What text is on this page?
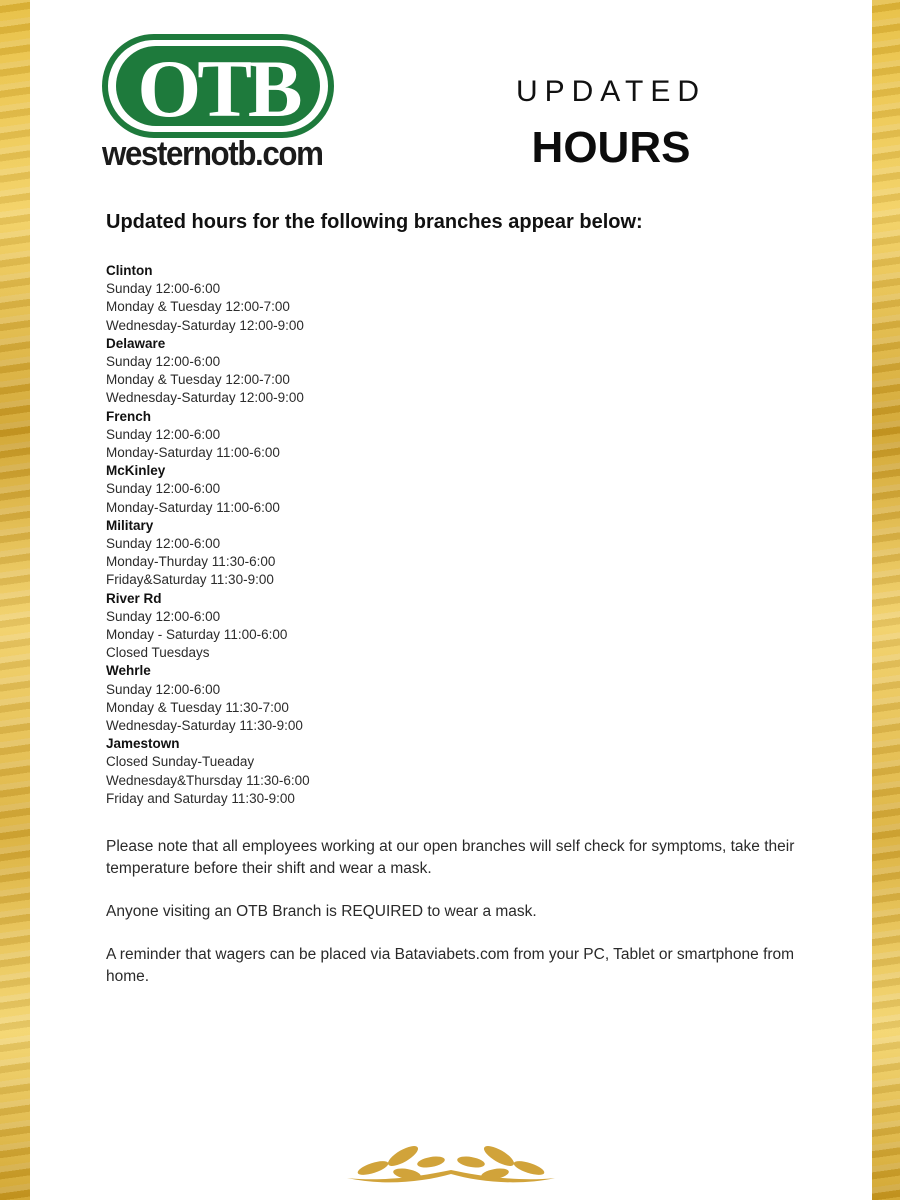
OTB
westernotb.com
UPDATED
HOURS
Updated hours for the following branches appear below:
Clinton
Sunday 12:00-6:00
Monday & Tuesday 12:00-7:00
Wednesday-Saturday 12:00-9:00
Delaware
Sunday 12:00-6:00
Monday & Tuesday 12:00-7:00
Wednesday-Saturday 12:00-9:00
French
Sunday 12:00-6:00
Monday-Saturday 11:00-6:00
McKinley
Sunday 12:00-6:00
Monday-Saturday 11:00-6:00
Military
Sunday 12:00-6:00
Monday-Thurday 11:30-6:00
Friday&Saturday 11:30-9:00
River Rd
Sunday 12:00-6:00
Monday - Saturday 11:00-6:00
Closed Tuesdays
Wehrle
Sunday 12:00-6:00
Monday & Tuesday 11:30-7:00
Wednesday-Saturday 11:30-9:00
Jamestown
Closed Sunday-Tueaday
Wednesday&Thursday 11:30-6:00
Friday and Saturday 11:30-9:00

Please note that all employees working at our open branches will self check for symptoms, take their temperature before their shift and wear a mask.

Anyone visiting an OTB Branch is REQUIRED to wear a mask.

A reminder that wagers can be placed via Bataviabets.com from your PC, Tablet or smartphone from home.
